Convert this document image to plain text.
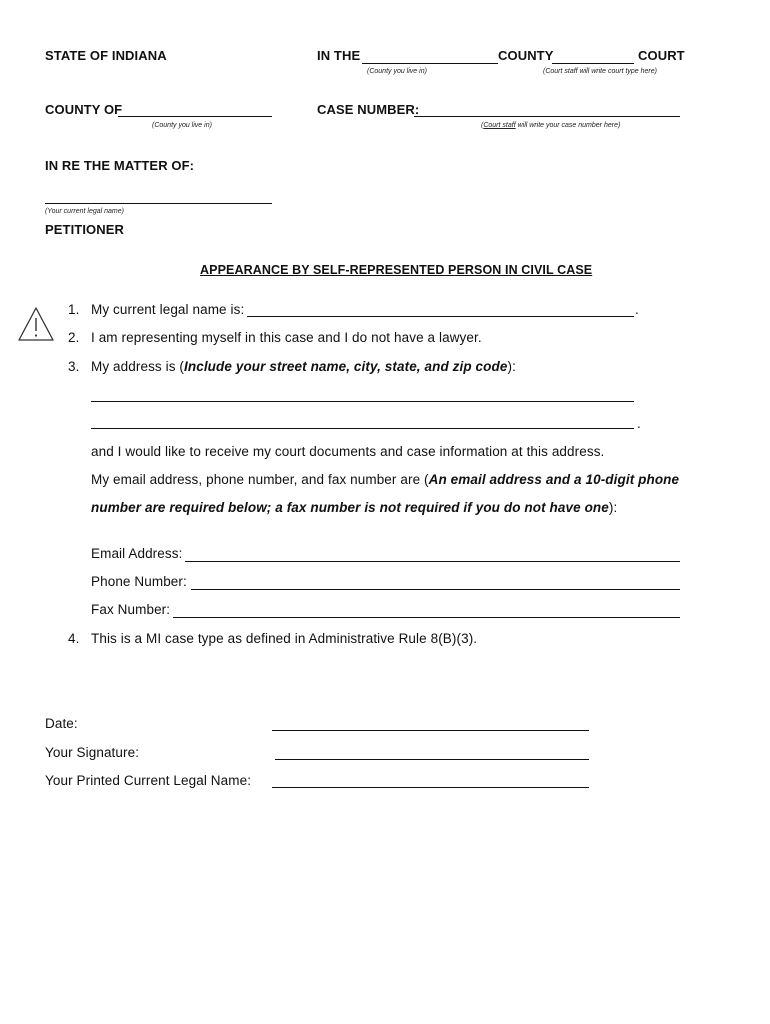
STATE OF INDIANA	IN THE	COUNTY	COURT
(County you live in)	(Court staff will write court type here)
COUNTY OF
(County you live in)
CASE NUMBER:
(Court staff will write your case number here)
IN RE THE MATTER OF:
(Your current legal name)
PETITIONER
APPEARANCE BY SELF-REPRESENTED PERSON IN CIVIL CASE
1. My current legal name is:	.
2. I am representing myself in this case and I do not have a lawyer.
3. My address is (Include your street name, city, state, and zip code):
.
and I would like to receive my court documents and case information at this address.
My email address, phone number, and fax number are (An email address and a 10-digit phone
number are required below; a fax number is not required if you do not have one):
Email Address:
Phone Number:
Fax Number:
4. This is a MI case type as defined in Administrative Rule 8(B)(3).
Date:
Your Signature:
Your Printed Current Legal Name:
